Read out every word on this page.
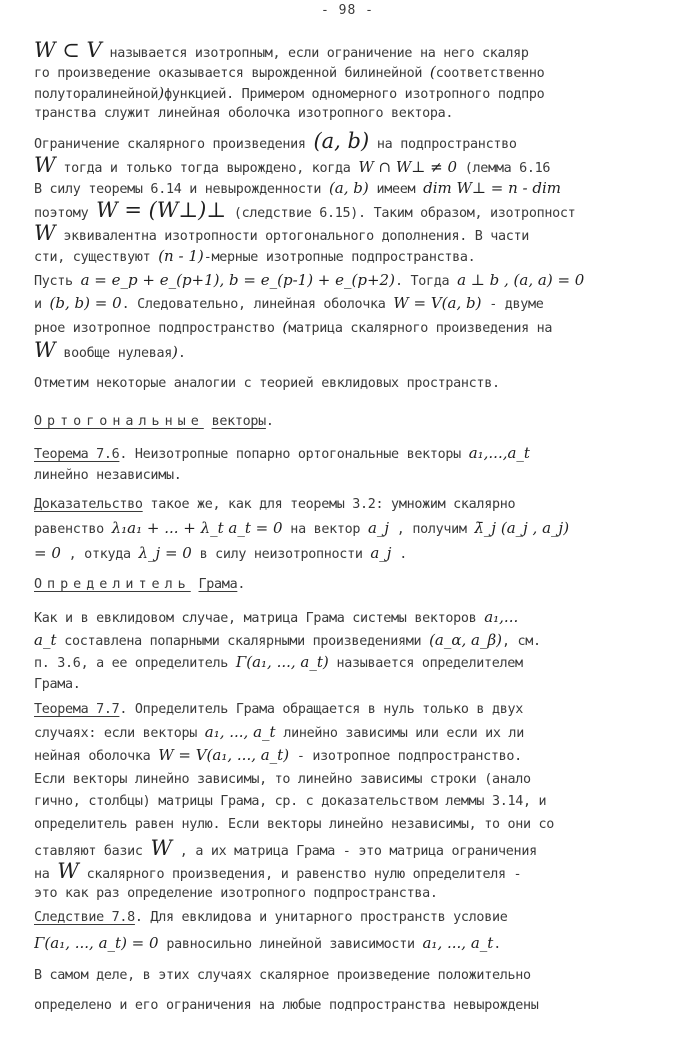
- 98 -
W ⊂ V называется изотропным, если ограничение на него скаляр
го произведение оказывается вырожденной билинейной (соответственно
полуторалинейной)функцией. Примером одномерного изотропного подпро
транства служит линейная оболочка изотропного вектора.
Ограничение скалярного произведения (a, b) на подпространство
W тогда и только тогда вырождено, когда W ∩ W⊥ ≠ 0 (лемма 6.16
В силу теоремы 6.14 и невырожденности (a, b) имеем dim W⊥ = n - dim
поэтому W = (W⊥)⊥ (следствие 6.15). Таким образом, изотропност
W эквивалентна изотропности ортогонального дополнения. В части
сти, существуют (n - 1)-мерные изотропные подпространства.
Пусть a = e_p + e_(p+1), b = e_(p-1) + e_(p+2). Тогда a ⊥ b , (a, a) = 0
и (b, b) = 0. Следовательно, линейная оболочка W = V(a, b) - двуме
рное изотропное подпространство (матрица скалярного произведения на
W вообще нулевая).
Отметим некоторые аналогии с теорией евклидовых пространств.
Ортогональные векторы.
Теорема 7.6. Неизотропные попарно ортогональные векторы a₁,...,a_t
линейно независимы.
Доказательство такое же, как для теоремы 3.2: умножим скалярно
равенство λ₁a₁ + ... + λ_t a_t = 0 на вектор a_j , получим λ̄_j (a_j , a_j)
= 0 , откуда λ_j = 0 в силу неизотропности a_j .
Определитель Грама.
Как и в евклидовом случае, матрица Грама системы векторов a₁,...
a_t составлена попарными скалярными произведениями (a_α, a_β), см.
п. 3.6, а ее определитель Γ(a₁, ..., a_t) называется определителем
Грама.
Теорема 7.7. Определитель Грама обращается в нуль только в двух
случаях: если векторы a₁, ..., a_t линейно зависимы или если их ли
нейная оболочка W = V(a₁, ..., a_t) - изотропное подпространство.
Если векторы линейно зависимы, то линейно зависимы строки (анало
гично, столбцы) матрицы Грама, ср. с доказательством леммы 3.14, и
определитель равен нулю. Если векторы линейно независимы, то они со
ставляют базис W , а их матрица Грама - это матрица ограничения
на W скалярного произведения, и равенство нулю определителя -
это как раз определение изотропного подпространства.
Следствие 7.8. Для евклидова и унитарного пространств условие
Γ(a₁, ..., a_t) = 0 равносильно линейной зависимости a₁, ..., a_t.
В самом деле, в этих случаях скалярное произведение положительно
определено и его ограничения на любые подпространства невырождены
